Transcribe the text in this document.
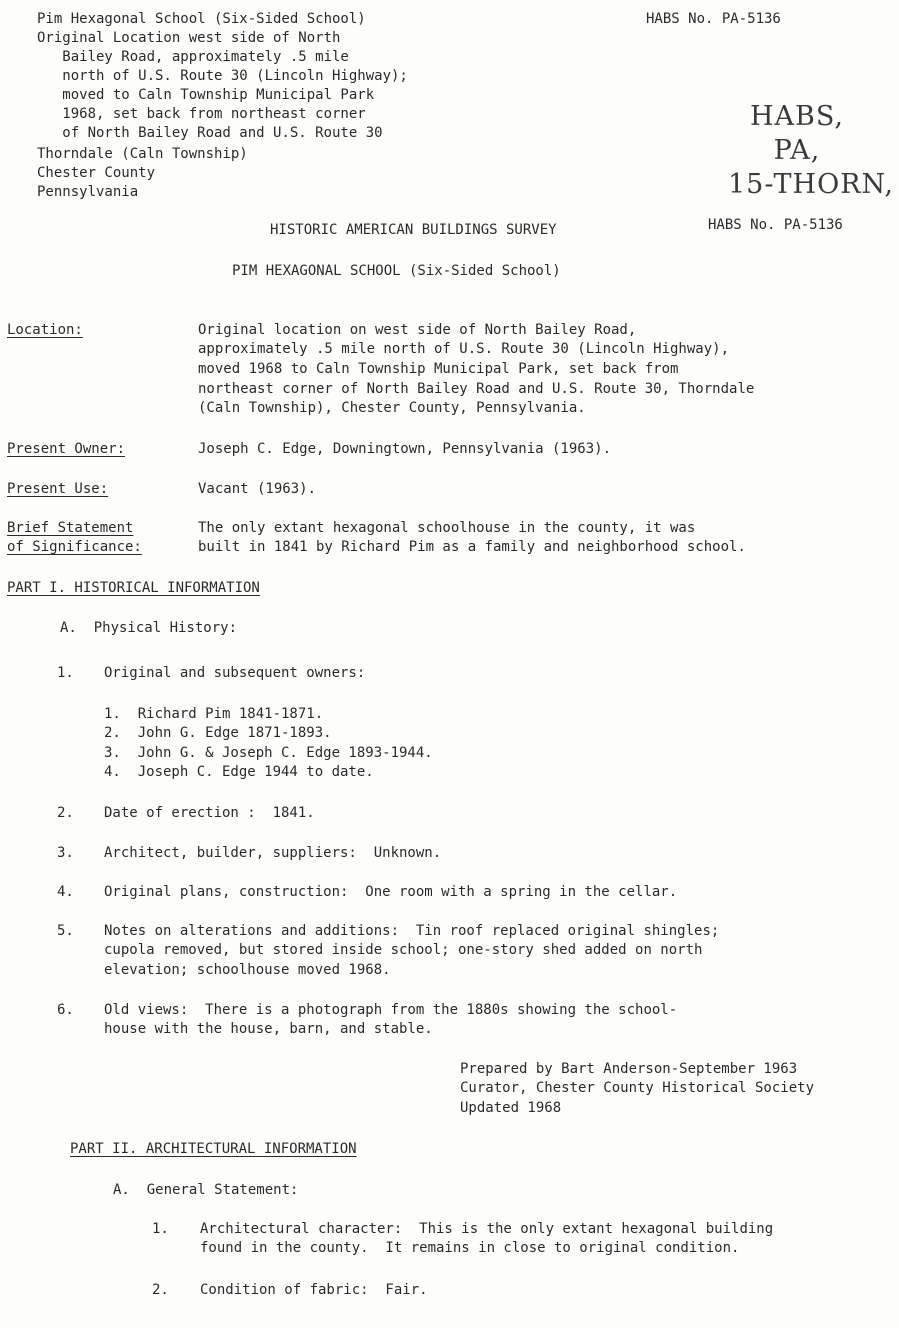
Pim Hexagonal School (Six-Sided School)
Original Location west side of North
Bailey Road, approximately .5 mile
north of U.S. Route 30 (Lincoln Highway);
moved to Caln Township Municipal Park
1968, set back from northeast corner
of North Bailey Road and U.S. Route 30
Thorndale (Caln Township)
Chester County
Pennsylvania
HABS No. PA-5136
HABS,
PA,
15-THORN,
HABS No. PA-5136
HISTORIC AMERICAN BUILDINGS SURVEY
PIM HEXAGONAL SCHOOL (Six-Sided School)
Location:	Original location on west side of North Bailey Road,
approximately .5 mile north of U.S. Route 30 (Lincoln Highway),
moved 1968 to Caln Township Municipal Park, set back from
northeast corner of North Bailey Road and U.S. Route 30, Thorndale
(Caln Township), Chester County, Pennsylvania.
Present Owner:	Joseph C. Edge, Downingtown, Pennsylvania (1963).
Present Use:	Vacant (1963).
Brief Statement
of Significance:
The only extant hexagonal schoolhouse in the county, it was
built in 1841 by Richard Pim as a family and neighborhood school.
PART I. HISTORICAL INFORMATION
A.  Physical History:
1. Original and subsequent owners:
1.  Richard Pim 1841-1871.
2.  John G. Edge 1871-1893.
3.  John G. & Joseph C. Edge 1893-1944.
4.  Joseph C. Edge 1944 to date.
2. Date of erection :  1841.
3. Architect, builder, suppliers:  Unknown.
4. Original plans, construction:  One room with a spring in the cellar.
5. Notes on alterations and additions:  Tin roof replaced original shingles;
cupola removed, but stored inside school; one-story shed added on north
elevation; schoolhouse moved 1968.
6. Old views:  There is a photograph from the 1880s showing the school-
house with the house, barn, and stable.
Prepared by Bart Anderson-September 1963
Curator, Chester County Historical Society
Updated 1968
PART II. ARCHITECTURAL INFORMATION
A.  General Statement:
1. Architectural character:  This is the only extant hexagonal building
found in the county.  It remains in close to original condition.
2. Condition of fabric:  Fair.
